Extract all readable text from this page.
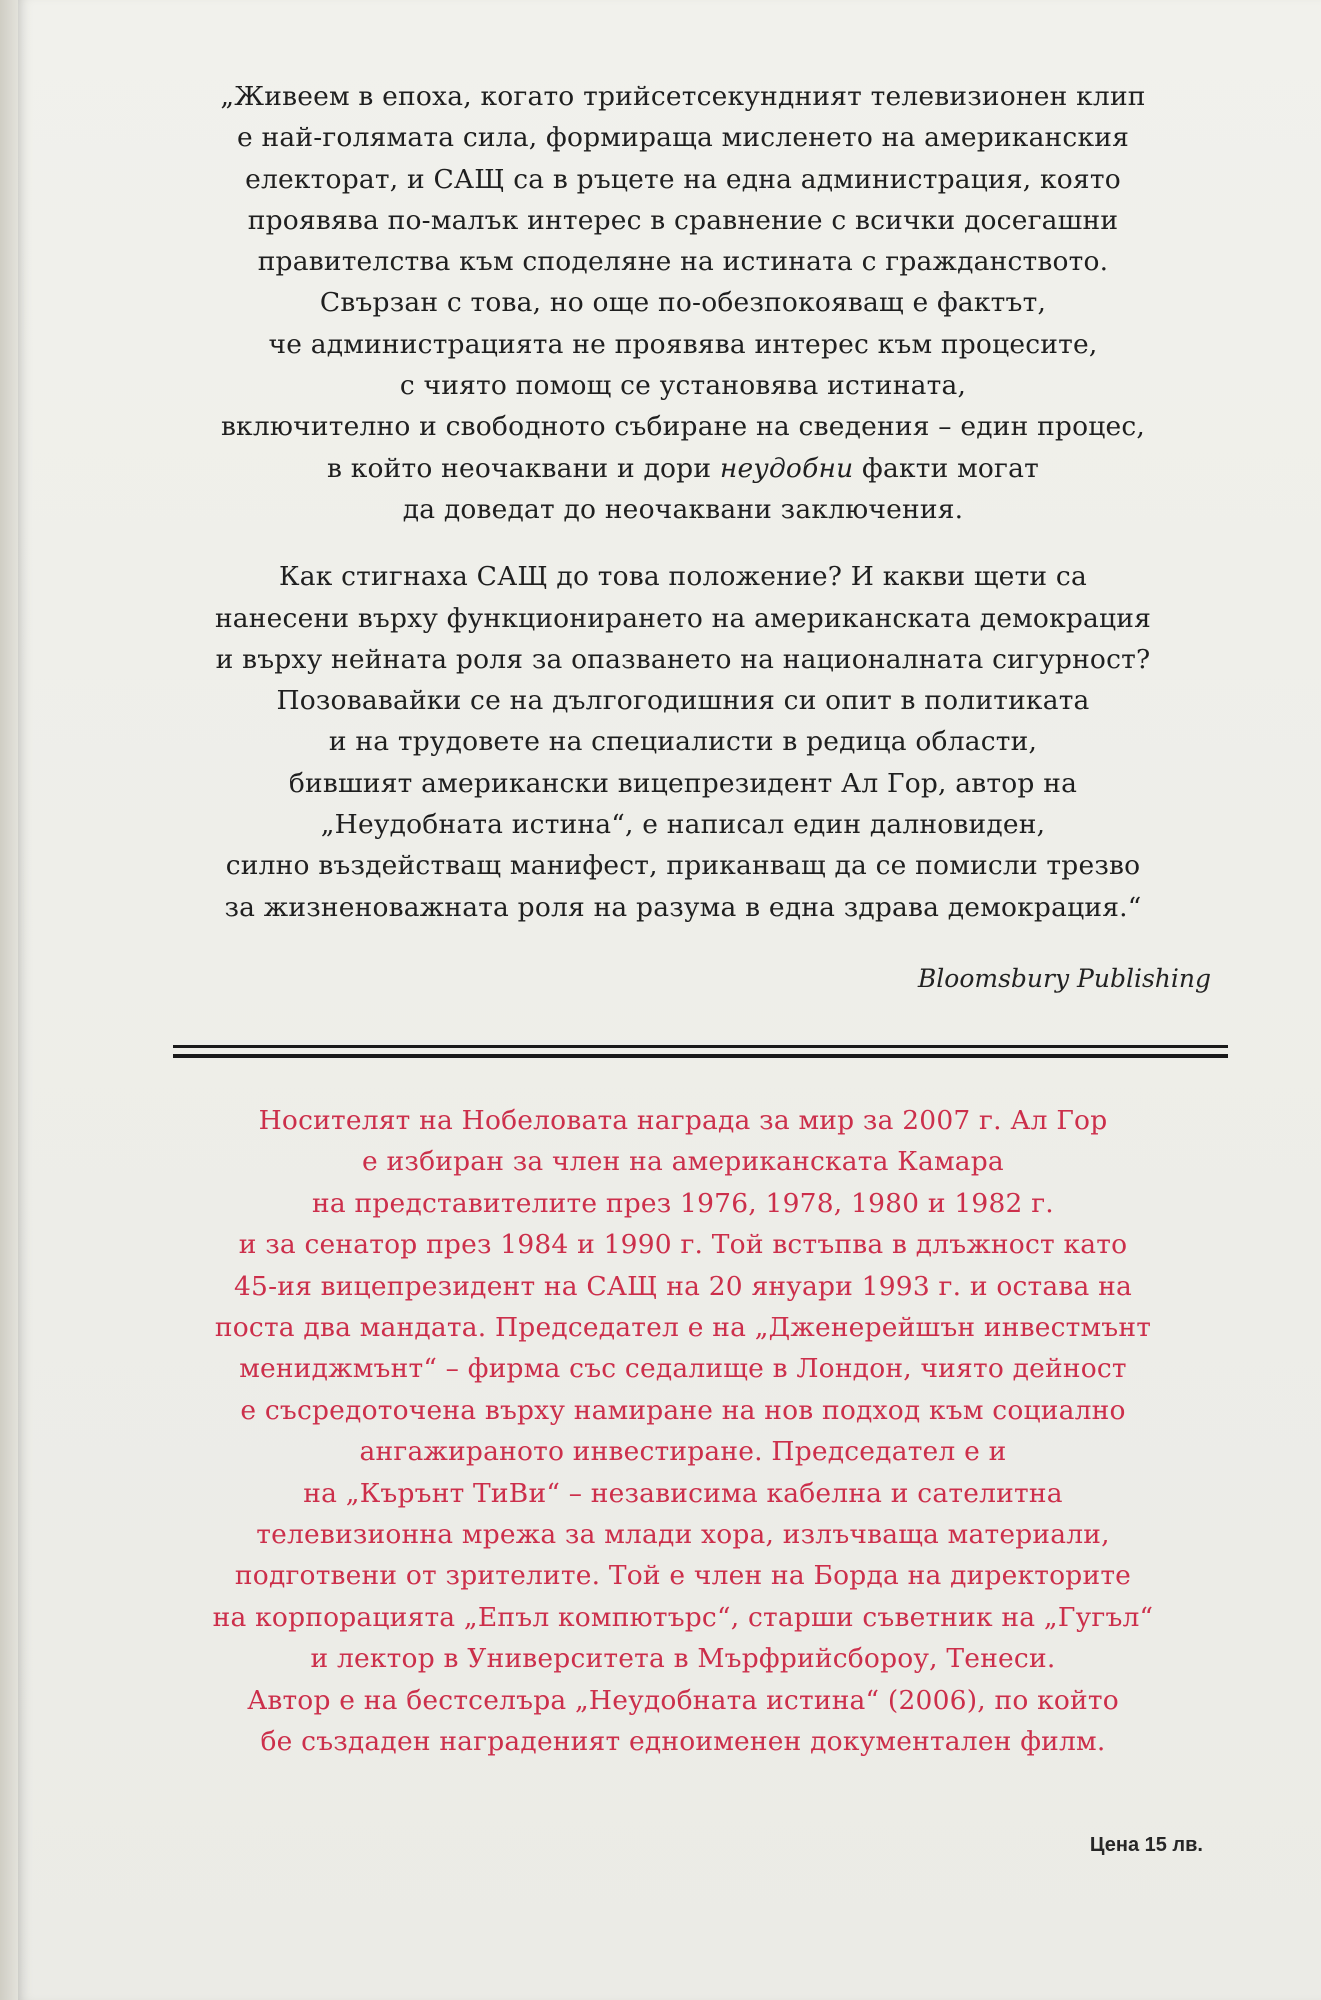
„Живеем в епоха, когато трийсетсекундният телевизионен клип
е най-голямата сила, формираща мисленето на американския
електорат, и САЩ са в ръцете на една администрация, която
проявява по-малък интерес в сравнение с всички досегашни
правителства към споделяне на истината с гражданството.
Свързан с това, но още по-обезпокояващ е фактът,
че администрацията не проявява интерес към процесите,
с чиято помощ се установява истината,
включително и свободното събиране на сведения – един процес,
в който неочаквани и дори неудобни факти могат
да доведат до неочаквани заключения.
Как стигнаха САЩ до това положение? И какви щети са
нанесени върху функционирането на американската демокрация
и върху нейната роля за опазването на националната сигурност?
Позовавайки се на дългогодишния си опит в политиката
и на трудовете на специалисти в редица области,
бившият американски вицепрезидент Ал Гор, автор на
„Неудобната истина“, е написал един далновиден,
силно въздействащ манифест, приканващ да се помисли трезво
за жизненоважната роля на разума в една здрава демокрация.“
Bloomsbury Publishing
Носителят на Нобеловата награда за мир за 2007 г. Ал Гор
е избиран за член на американската Камара
на представителите през 1976, 1978, 1980 и 1982 г.
и за сенатор през 1984 и 1990 г. Той встъпва в длъжност като
45-ия вицепрезидент на САЩ на 20 януари 1993 г. и остава на
поста два мандата. Председател е на „Дженерейшън инвестмънт
мениджмънт“ – фирма със седалище в Лондон, чиято дейност
е съсредоточена върху намиране на нов подход към социално
ангажираното инвестиране. Председател е и
на „Кърънт ТиВи“ – независима кабелна и сателитна
телевизионна мрежа за млади хора, излъчваща материали,
подготвени от зрителите. Той е член на Борда на директорите
на корпорацията „Епъл компютърс“, старши съветник на „Гугъл“
и лектор в Университета в Мърфрийсбороу, Тенеси.
Автор е на бестселъра „Неудобната истина“ (2006), по който
бе създаден награденият едноименен документален филм.
Цена 15 лв.
